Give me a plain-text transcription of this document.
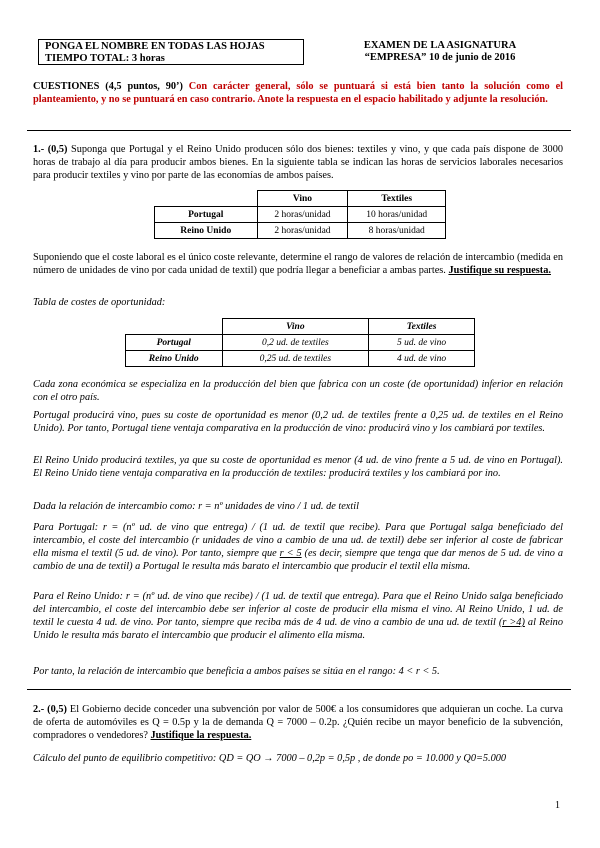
PONGA EL NOMBRE EN TODAS LAS HOJAS
TIEMPO TOTAL: 3 horas
EXAMEN DE LA ASIGNATURA
“EMPRESA” 10 de junio de 2016
CUESTIONES (4,5 puntos, 90’) Con carácter general, sólo se puntuará si está bien tanto la solución como el planteamiento, y no se puntuará en caso contrario. Anote la respuesta en el espacio habilitado y adjunte la resolución.
1.- (0,5) Suponga que Portugal y el Reino Unido producen sólo dos bienes: textiles y vino, y que cada país dispone de 3000 horas de trabajo al día para producir ambos bienes. En la siguiente tabla se indican las horas de servicios laborales necesarios para producir textiles y vino por parte de las economías de ambos países.
	Vino	Textiles
Portugal	2 horas/unidad	10 horas/unidad
Reino Unido	2 horas/unidad	8 horas/unidad
Suponiendo que el coste laboral es el único coste relevante, determine el rango de valores de relación de intercambio (medida en número de unidades de vino por cada unidad de textil) que podría llegar a beneficiar a ambas partes. Justifique su respuesta.
Tabla de costes de oportunidad:
	Vino	Textiles
Portugal	0,2 ud. de textiles	5 ud. de vino
Reino Unido	0,25 ud. de textiles	4 ud. de vino
Cada zona económica se especializa en la producción del bien que fabrica con un coste (de oportunidad) inferior en relación con el otro país.
Portugal producirá vino, pues su coste de oportunidad es menor (0,2 ud. de textiles frente a 0,25 ud. de textiles en el Reino Unido). Por tanto, Portugal tiene ventaja comparativa en la producción de vino: producirá vino y los cambiará por textiles.
El Reino Unido producirá textiles, ya que su coste de oportunidad es menor (4 ud. de vino frente a 5 ud. de vino en Portugal). El Reino Unido tiene ventaja comparativa en la producción de textiles: producirá textiles y los cambiará por ino.
Dada la relación de intercambio como: r = nº unidades de vino / 1 ud. de textil
Para Portugal: r = (nº ud. de vino que entrega) / (1 ud. de textil que recibe). Para que Portugal salga beneficiado del intercambio, el coste del intercambio (r unidades de vino a cambio de una ud. de textil) debe ser inferior al coste de fabricar ella misma el textil (5 ud. de vino). Por tanto, siempre que r < 5 (es decir, siempre que tenga que dar menos de 5 ud. de vino a cambio de una de textil) a Portugal le resulta más barato el intercambio que producir el textil ella misma.
Para el Reino Unido: r = (nº ud. de vino que recibe) / (1 ud. de textil que entrega). Para que el Reino Unido salga beneficiado del intercambio, el coste del intercambio debe ser inferior al coste de producir ella misma el vino. Al Reino Unido, 1 ud. de textil le cuesta 4 ud. de vino. Por tanto, siempre que reciba más de 4 ud. de vino a cambio de una ud. de textil (r >4) al Reino Unido le resulta más barato el intercambio que producir el alimento ella misma.
Por tanto, la relación de intercambio que beneficia a ambos países se sitúa en el rango: 4 < r < 5.
2.- (0,5) El Gobierno decide conceder una subvención por valor de 500€ a los consumidores que adquieran un coche. La curva de oferta de automóviles es Q = 0.5p y la de demanda Q = 7000 – 0.2p. ¿Quién recibe un mayor beneficio de la subvención, compradores o vendedores? Justifique la respuesta.
Cálculo del punto de equilibrio competitivo: QD = QO → 7000 – 0,2p = 0,5p , de donde po = 10.000 y Q0=5.000
1
